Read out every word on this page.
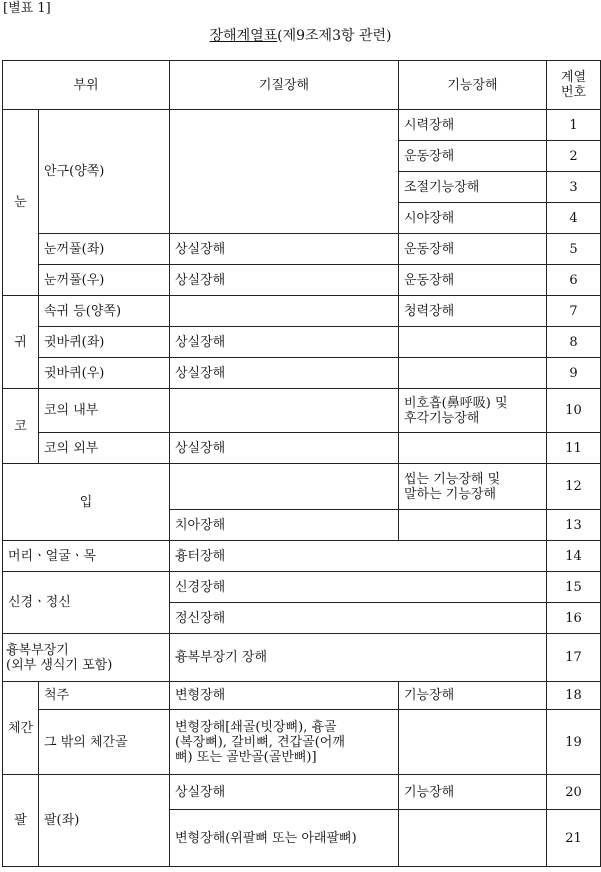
[별표 1]
장해계열표(제9조제3항 관련)
부위		기질장해	기능장해	계열
번호
눈	안구(양쪽)		시력장해	1
			운동장해	2
			조절기능장해	3
			시야장해	4
	눈꺼풀(좌)	상실장해	운동장해	5
	눈꺼풀(우)	상실장해	운동장해	6
귀	속귀 등(양쪽)		청력장해	7
	귓바퀴(좌)	상실장해		8
	귓바퀴(우)	상실장해		9
코	코의 내부		비호흡(鼻呼吸) 및
후각기능장해	10
	코의 외부	상실장해		11
입			씹는 기능장해 및
말하는 기능장해	12
		치아장해		13
머리ㆍ얼굴ㆍ목		흉터장해		14
신경ㆍ정신		신경장해		15
		정신장해		16
흉복부장기
(외부 생식기 포함)		흉복부장기 장해		17
체간	척주	변형장해	기능장해	18
	그 밖의 체간골	변형장해[쇄골(빗장뼈), 흉골
(복장뼈), 갈비뼈, 견갑골(어깨
뼈) 또는 골반골(골반뼈)]		19
팔	팔(좌)	상실장해	기능장해	20
		변형장해(위팔뼈 또는 아래팔뼈)		21
